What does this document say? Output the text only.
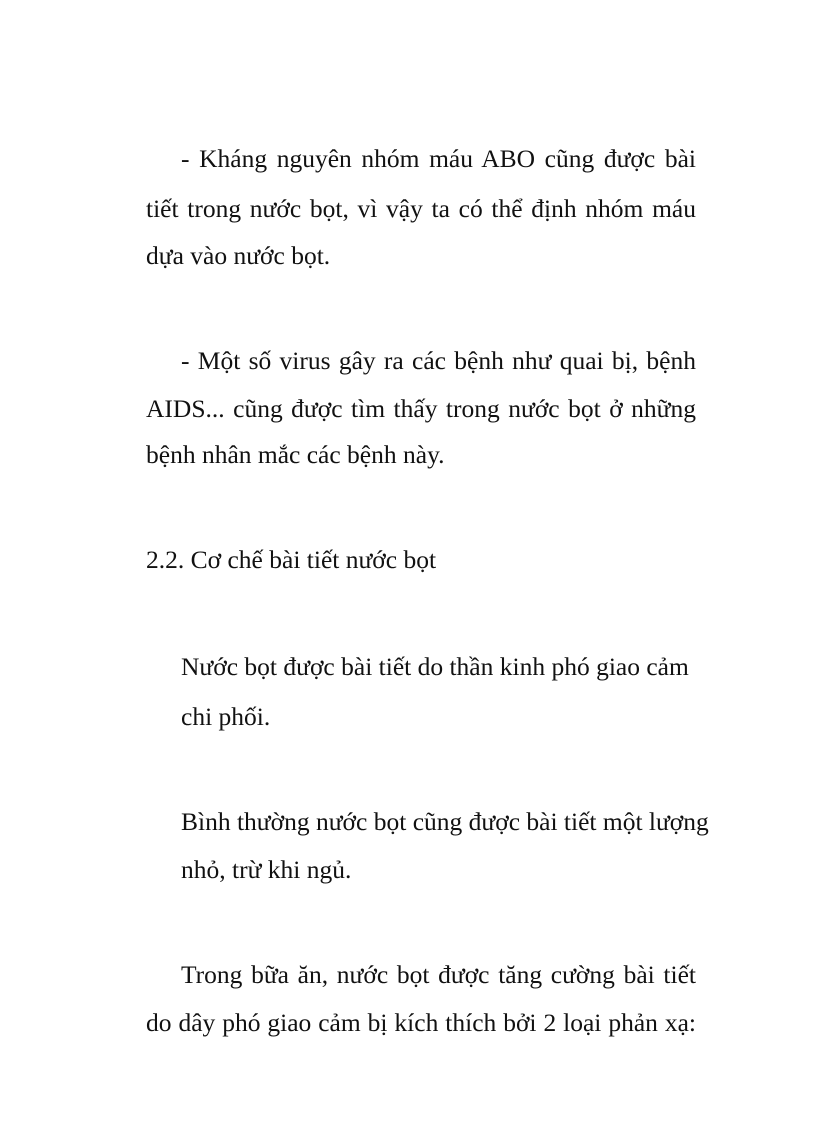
- Kháng nguyên nhóm máu ABO cũng được bài
tiết trong nước bọt, vì vậy ta có thể định nhóm máu
dựa vào nước bọt.
- Một số virus gây ra các bệnh như quai bị, bệnh
AIDS... cũng được tìm thấy trong nước bọt ở những
bệnh nhân mắc các bệnh này.
2.2. Cơ chế bài tiết nước bọt
Nước bọt được bài tiết do thần kinh phó giao cảm
chi phối.
Bình thường nước bọt cũng được bài tiết một lượng
nhỏ, trừ khi ngủ.
Trong bữa ăn, nước bọt được tăng cường bài tiết
do dây phó giao cảm bị kích thích bởi 2 loại phản xạ:
